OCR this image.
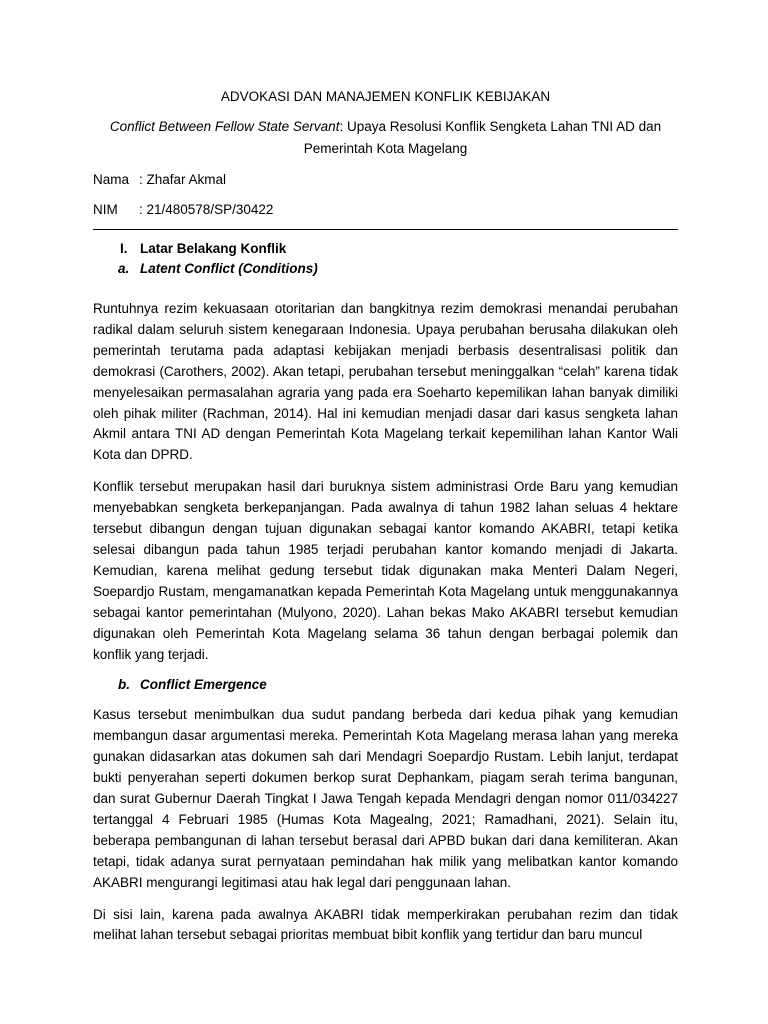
ADVOKASI DAN MANAJEMEN KONFLIK KEBIJAKAN

Conflict Between Fellow State Servant: Upaya Resolusi Konflik Sengketa Lahan TNI AD dan Pemerintah Kota Magelang

Nama : Zhafar Akmal
NIM	: 21/480578/SP/30422

I. Latar Belakang Konflik

a. Latent Conflict (Conditions)

Runtuhnya rezim kekuasaan otoritarian dan bangkitnya rezim demokrasi menandai perubahan radikal dalam seluruh sistem kenegaraan Indonesia. Upaya perubahan berusaha dilakukan oleh pemerintah terutama pada adaptasi kebijakan menjadi berbasis desentralisasi politik dan demokrasi (Carothers, 2002). Akan tetapi, perubahan tersebut meninggalkan “celah” karena tidak menyelesaikan permasalahan agraria yang pada era Soeharto kepemilikan lahan banyak dimiliki oleh pihak militer (Rachman, 2014). Hal ini kemudian menjadi dasar dari kasus sengketa lahan Akmil antara TNI AD dengan Pemerintah Kota Magelang terkait kepemilihan lahan Kantor Wali Kota dan DPRD.

Konflik tersebut merupakan hasil dari buruknya sistem administrasi Orde Baru yang kemudian menyebabkan sengketa berkepanjangan. Pada awalnya di tahun 1982 lahan seluas 4 hektare tersebut dibangun dengan tujuan digunakan sebagai kantor komando AKABRI, tetapi ketika selesai dibangun pada tahun 1985 terjadi perubahan kantor komando menjadi di Jakarta. Kemudian, karena melihat gedung tersebut tidak digunakan maka Menteri Dalam Negeri, Soepardjo Rustam, mengamanatkan kepada Pemerintah Kota Magelang untuk menggunakannya sebagai kantor pemerintahan (Mulyono, 2020). Lahan bekas Mako AKABRI tersebut kemudian digunakan oleh Pemerintah Kota Magelang selama 36 tahun dengan berbagai polemik dan konflik yang terjadi.

b. Conflict Emergence

Kasus tersebut menimbulkan dua sudut pandang berbeda dari kedua pihak yang kemudian membangun dasar argumentasi mereka. Pemerintah Kota Magelang merasa lahan yang mereka gunakan didasarkan atas dokumen sah dari Mendagri Soepardjo Rustam. Lebih lanjut, terdapat bukti penyerahan seperti dokumen berkop surat Dephankam, piagam serah terima bangunan, dan surat Gubernur Daerah Tingkat I Jawa Tengah kepada Mendagri dengan nomor 011/034227 tertanggal 4 Februari 1985 (Humas Kota Magealng, 2021; Ramadhani, 2021). Selain itu, beberapa pembangunan di lahan tersebut berasal dari APBD bukan dari dana kemiliteran. Akan tetapi, tidak adanya surat pernyataan pemindahan hak milik yang melibatkan kantor komando AKABRI mengurangi legitimasi atau hak legal dari penggunaan lahan.

Di sisi lain, karena pada awalnya AKABRI tidak memperkirakan perubahan rezim dan tidak melihat lahan tersebut sebagai prioritas membuat bibit konflik yang tertidur dan baru muncul
